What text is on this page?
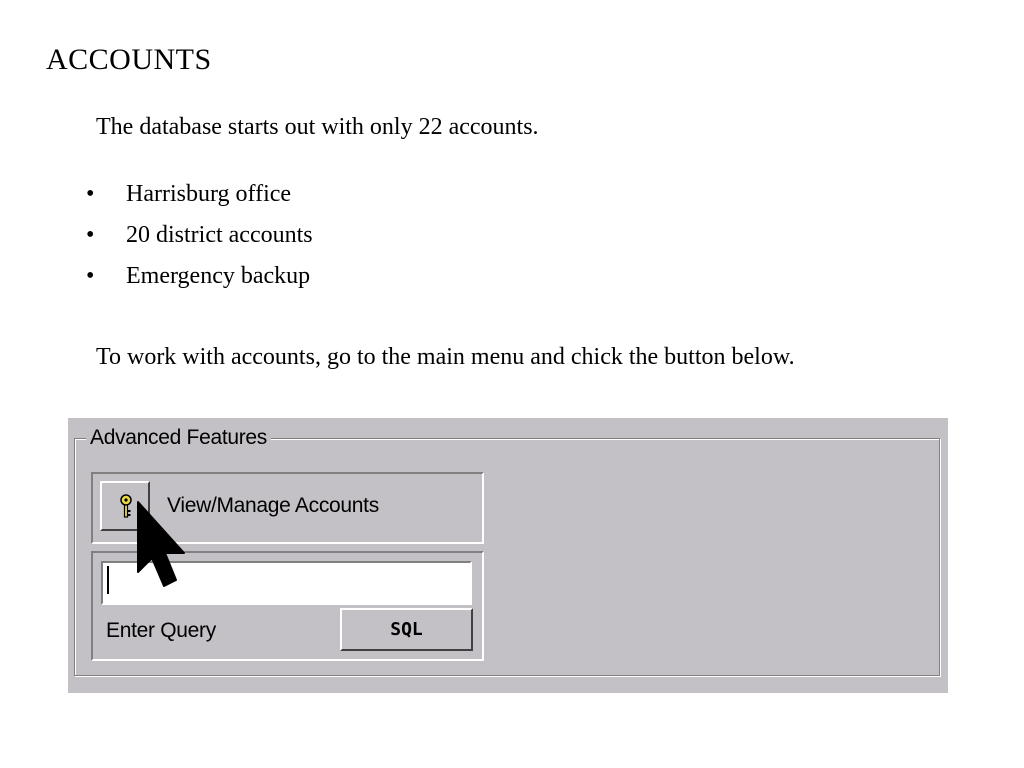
ACCOUNTS

The database starts out with only 22 accounts.

• Harrisburg office
• 20 district accounts
• Emergency backup

To work with accounts, go to the main menu and chick the button below.

Advanced Features
View/Manage Accounts
Enter Query	SQL
